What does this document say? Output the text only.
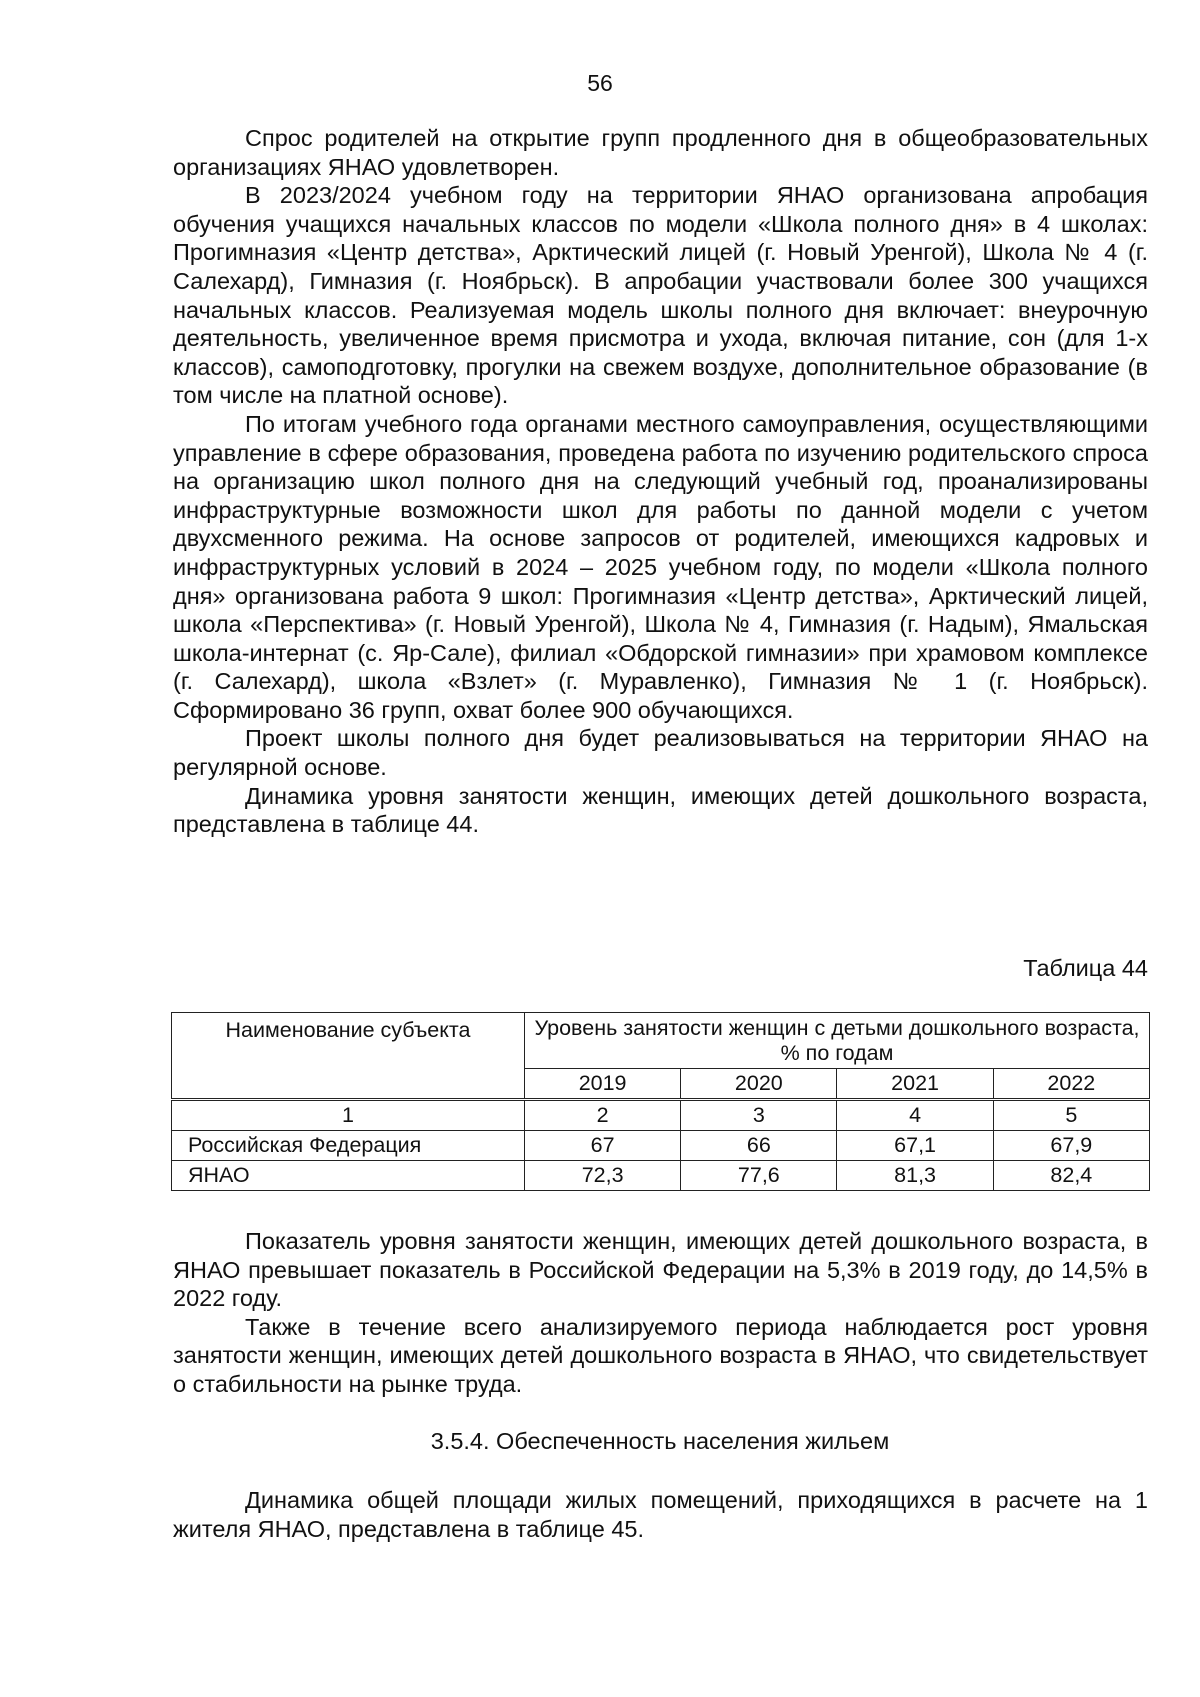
56

Спрос родителей на открытие групп продленного дня в общеобразовательных организациях ЯНАО удовлетворен.

В 2023/2024 учебном году на территории ЯНАО организована апробация обучения учащихся начальных классов по модели «Школа полного дня» в 4 школах: Прогимназия «Центр детства», Арктический лицей (г. Новый Уренгой), Школа № 4 (г. Салехард), Гимназия (г. Ноябрьск). В апробации участвовали более 300 учащихся начальных классов. Реализуемая модель школы полного дня включает: внеурочную деятельность, увеличенное время присмотра и ухода, включая питание, сон (для 1-х классов), самоподготовку, прогулки на свежем воздухе, дополнительное образование (в том числе на платной основе).

По итогам учебного года органами местного самоуправления, осуществляющими управление в сфере образования, проведена работа по изучению родительского спроса на организацию школ полного дня на следующий учебный год, проанализированы инфраструктурные возможности школ для работы по данной модели с учетом двухсменного режима. На основе запросов от родителей, имеющихся кадровых и инфраструктурных условий в 2024 – 2025 учебном году, по модели «Школа полного дня» организована работа 9 школ: Прогимназия «Центр детства», Арктический лицей, школа «Перспектива» (г. Новый Уренгой), Школа № 4, Гимназия (г. Надым), Ямальская школа-интернат (с. Яр-Сале), филиал «Обдорской гимназии» при храмовом комплексе (г. Салехард), школа «Взлет» (г. Муравленко), Гимназия № 1 (г. Ноябрьск). Сформировано 36 групп, охват более 900 обучающихся.

Проект школы полного дня будет реализовываться на территории ЯНАО на регулярной основе.

Динамика уровня занятости женщин, имеющих детей дошкольного возраста, представлена в таблице 44.

Таблица 44
Наименование субъекта	Уровень занятости женщин с детьми дошкольного возраста, % по годам			
	2019	2020	2021	2022
1	2	3	4	5
Российская Федерация	67	66	67,1	67,9
ЯНАО	72,3	77,6	81,3	82,4

Показатель уровня занятости женщин, имеющих детей дошкольного возраста, в ЯНАО превышает показатель в Российской Федерации на 5,3% в 2019 году, до 14,5% в 2022 году.

Также в течение всего анализируемого периода наблюдается рост уровня занятости женщин, имеющих детей дошкольного возраста в ЯНАО, что свидетельствует о стабильности на рынке труда.

3.5.4. Обеспеченность населения жильем

Динамика общей площади жилых помещений, приходящихся в расчете на 1 жителя ЯНАО, представлена в таблице 45.
